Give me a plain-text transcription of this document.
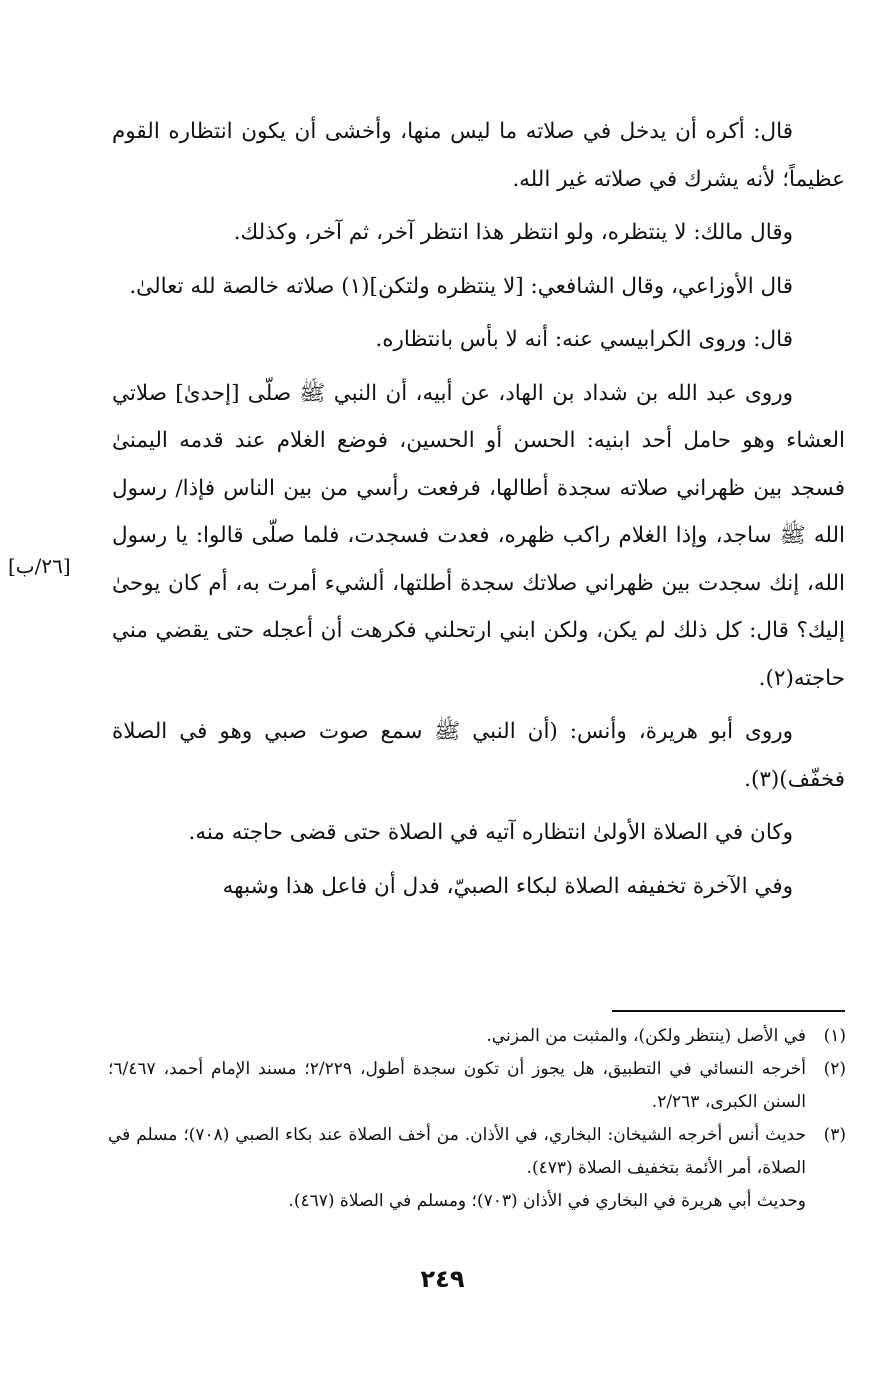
قال: أكره أن يدخل في صلاته ما ليس منها، وأخشى أن يكون انتظاره القوم عظيماً؛ لأنه يشرك في صلاته غير الله.

وقال مالك: لا ينتظره، ولو انتظر هذا انتظر آخر، ثم آخر، وكذلك.

قال الأوزاعي، وقال الشافعي: [لا ينتظره ولتكن](١) صلاته خالصة لله تعالىٰ.

قال: وروى الكرابيسي عنه: أنه لا بأس بانتظاره.

وروى عبد الله بن شداد بن الهاد، عن أبيه، أن النبي ﷺ صلّى [إحدىٰ] صلاتي العشاء وهو حامل أحد ابنيه: الحسن أو الحسين، فوضع الغلام عند قدمه اليمنىٰ فسجد بين ظهراني صلاته سجدة أطالها، فرفعت رأسي من بين الناس فإذا/ رسول الله ﷺ ساجد، وإذا الغلام راكب ظهره، فعدت فسجدت، فلما صلّى قالوا: يا رسول الله، إنك سجدت بين ظهراني صلاتك سجدة أطلتها، ألشيء أمرت به، أم كان يوحىٰ إليك؟ قال: كل ذلك لم يكن، ولكن ابني ارتحلني فكرهت أن أعجله حتى يقضي مني حاجته(٢).

وروى أبو هريرة، وأنس: (أن النبي ﷺ سمع صوت صبي وهو في الصلاة فخفّف)(٣).

وكان في الصلاة الأولىٰ انتظاره آتيه في الصلاة حتى قضى حاجته منه.

وفي الآخرة تخفيفه الصلاة لبكاء الصبيّ، فدل أن فاعل هذا وشبهه

[٢٦/ب]
(١)
في الأصل (ينتظر ولكن)، والمثبت من المزني.
(٢)
أخرجه النسائي في التطبيق، هل يجوز أن تكون سجدة أطول، ٢/٢٢٩؛ مسند الإمام أحمد، ٦/٤٦٧؛ السنن الكبرى، ٢/٢٦٣.
(٣)
حديث أنس أخرجه الشيخان: البخاري، في الأذان. من أخف الصلاة عند بكاء الصبي (٧٠٨)؛ مسلم في الصلاة، أمر الأئمة بتخفيف الصلاة (٤٧٣).
وحديث أبي هريرة في البخاري في الأذان (٧٠٣)؛ ومسلم في الصلاة (٤٦٧).
٢٤٩
